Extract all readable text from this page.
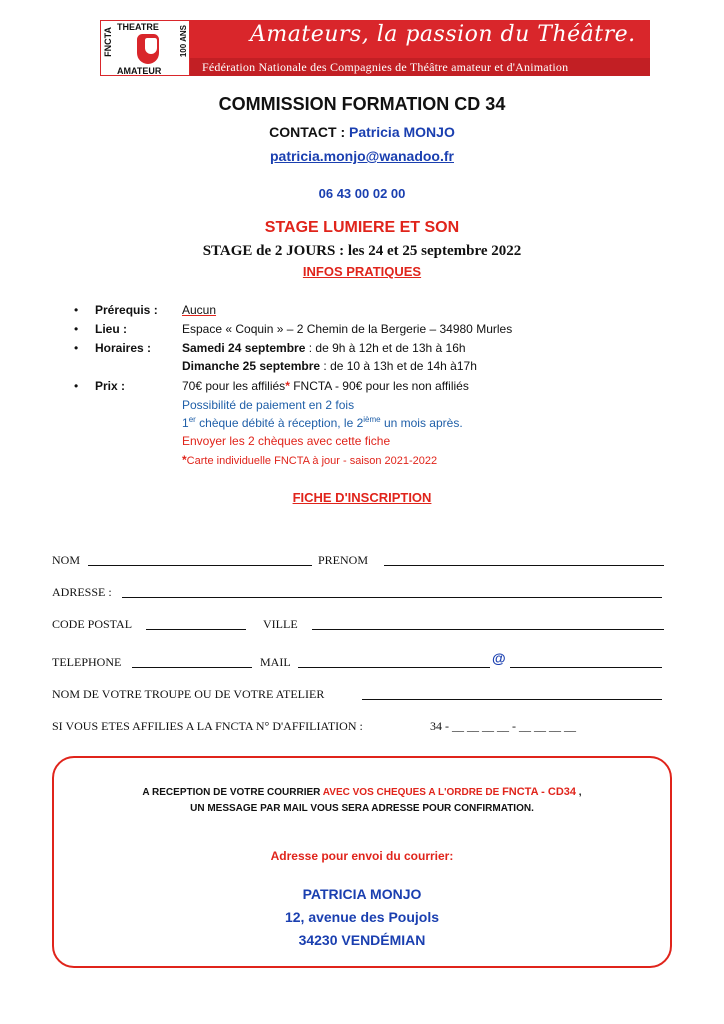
FNCTA THEATRE
AMATEUR
100 ANS	Amateurs, la passion du Théâtre.
Fédération Nationale des Compagnies de Théâtre amateur et d'Animation
COMMISSION FORMATION CD 34
CONTACT : Patricia MONJO
patricia.monjo@wanadoo.fr
06 43 00 02 00
STAGE LUMIERE ET SON
STAGE de 2 JOURS : les 24 et 25 septembre 2022
INFOS PRATIQUES
• Prérequis : Aucun
• Lieu :	Espace « Coquin » – 2 Chemin de la Bergerie – 34980 Murles
• Horaires :	Samedi 24 septembre : de 9h à 12h et de 13h à 16h
Dimanche 25 septembre : de 10 à 13h et de 14h à17h
• Prix :	70€ pour les affiliés* FNCTA - 90€ pour les non affiliés
Possibilité de paiement en 2 fois
1er chèque débité à réception, le 2ième un mois après.
Envoyer les 2 chèques avec cette fiche
*Carte individuelle FNCTA à jour - saison 2021-2022
FICHE D'INSCRIPTION
NOM	PRENOM
ADRESSE :
CODE POSTAL	VILLE
TELEPHONE	MAIL	@
NOM DE VOTRE TROUPE OU DE VOTRE ATELIER
SI VOUS ETES AFFILIES A LA FNCTA N° D'AFFILIATION :	34 - __ __ __ __ - __ __ __ __
A RECEPTION DE VOTRE COURRIER AVEC VOS CHEQUES A L'ORDRE DE FNCTA - CD34 ,
UN MESSAGE PAR MAIL VOUS SERA ADRESSE POUR CONFIRMATION.
Adresse pour envoi du courrier:
PATRICIA MONJO
12, avenue des Poujols
34230 VENDÉMIAN
